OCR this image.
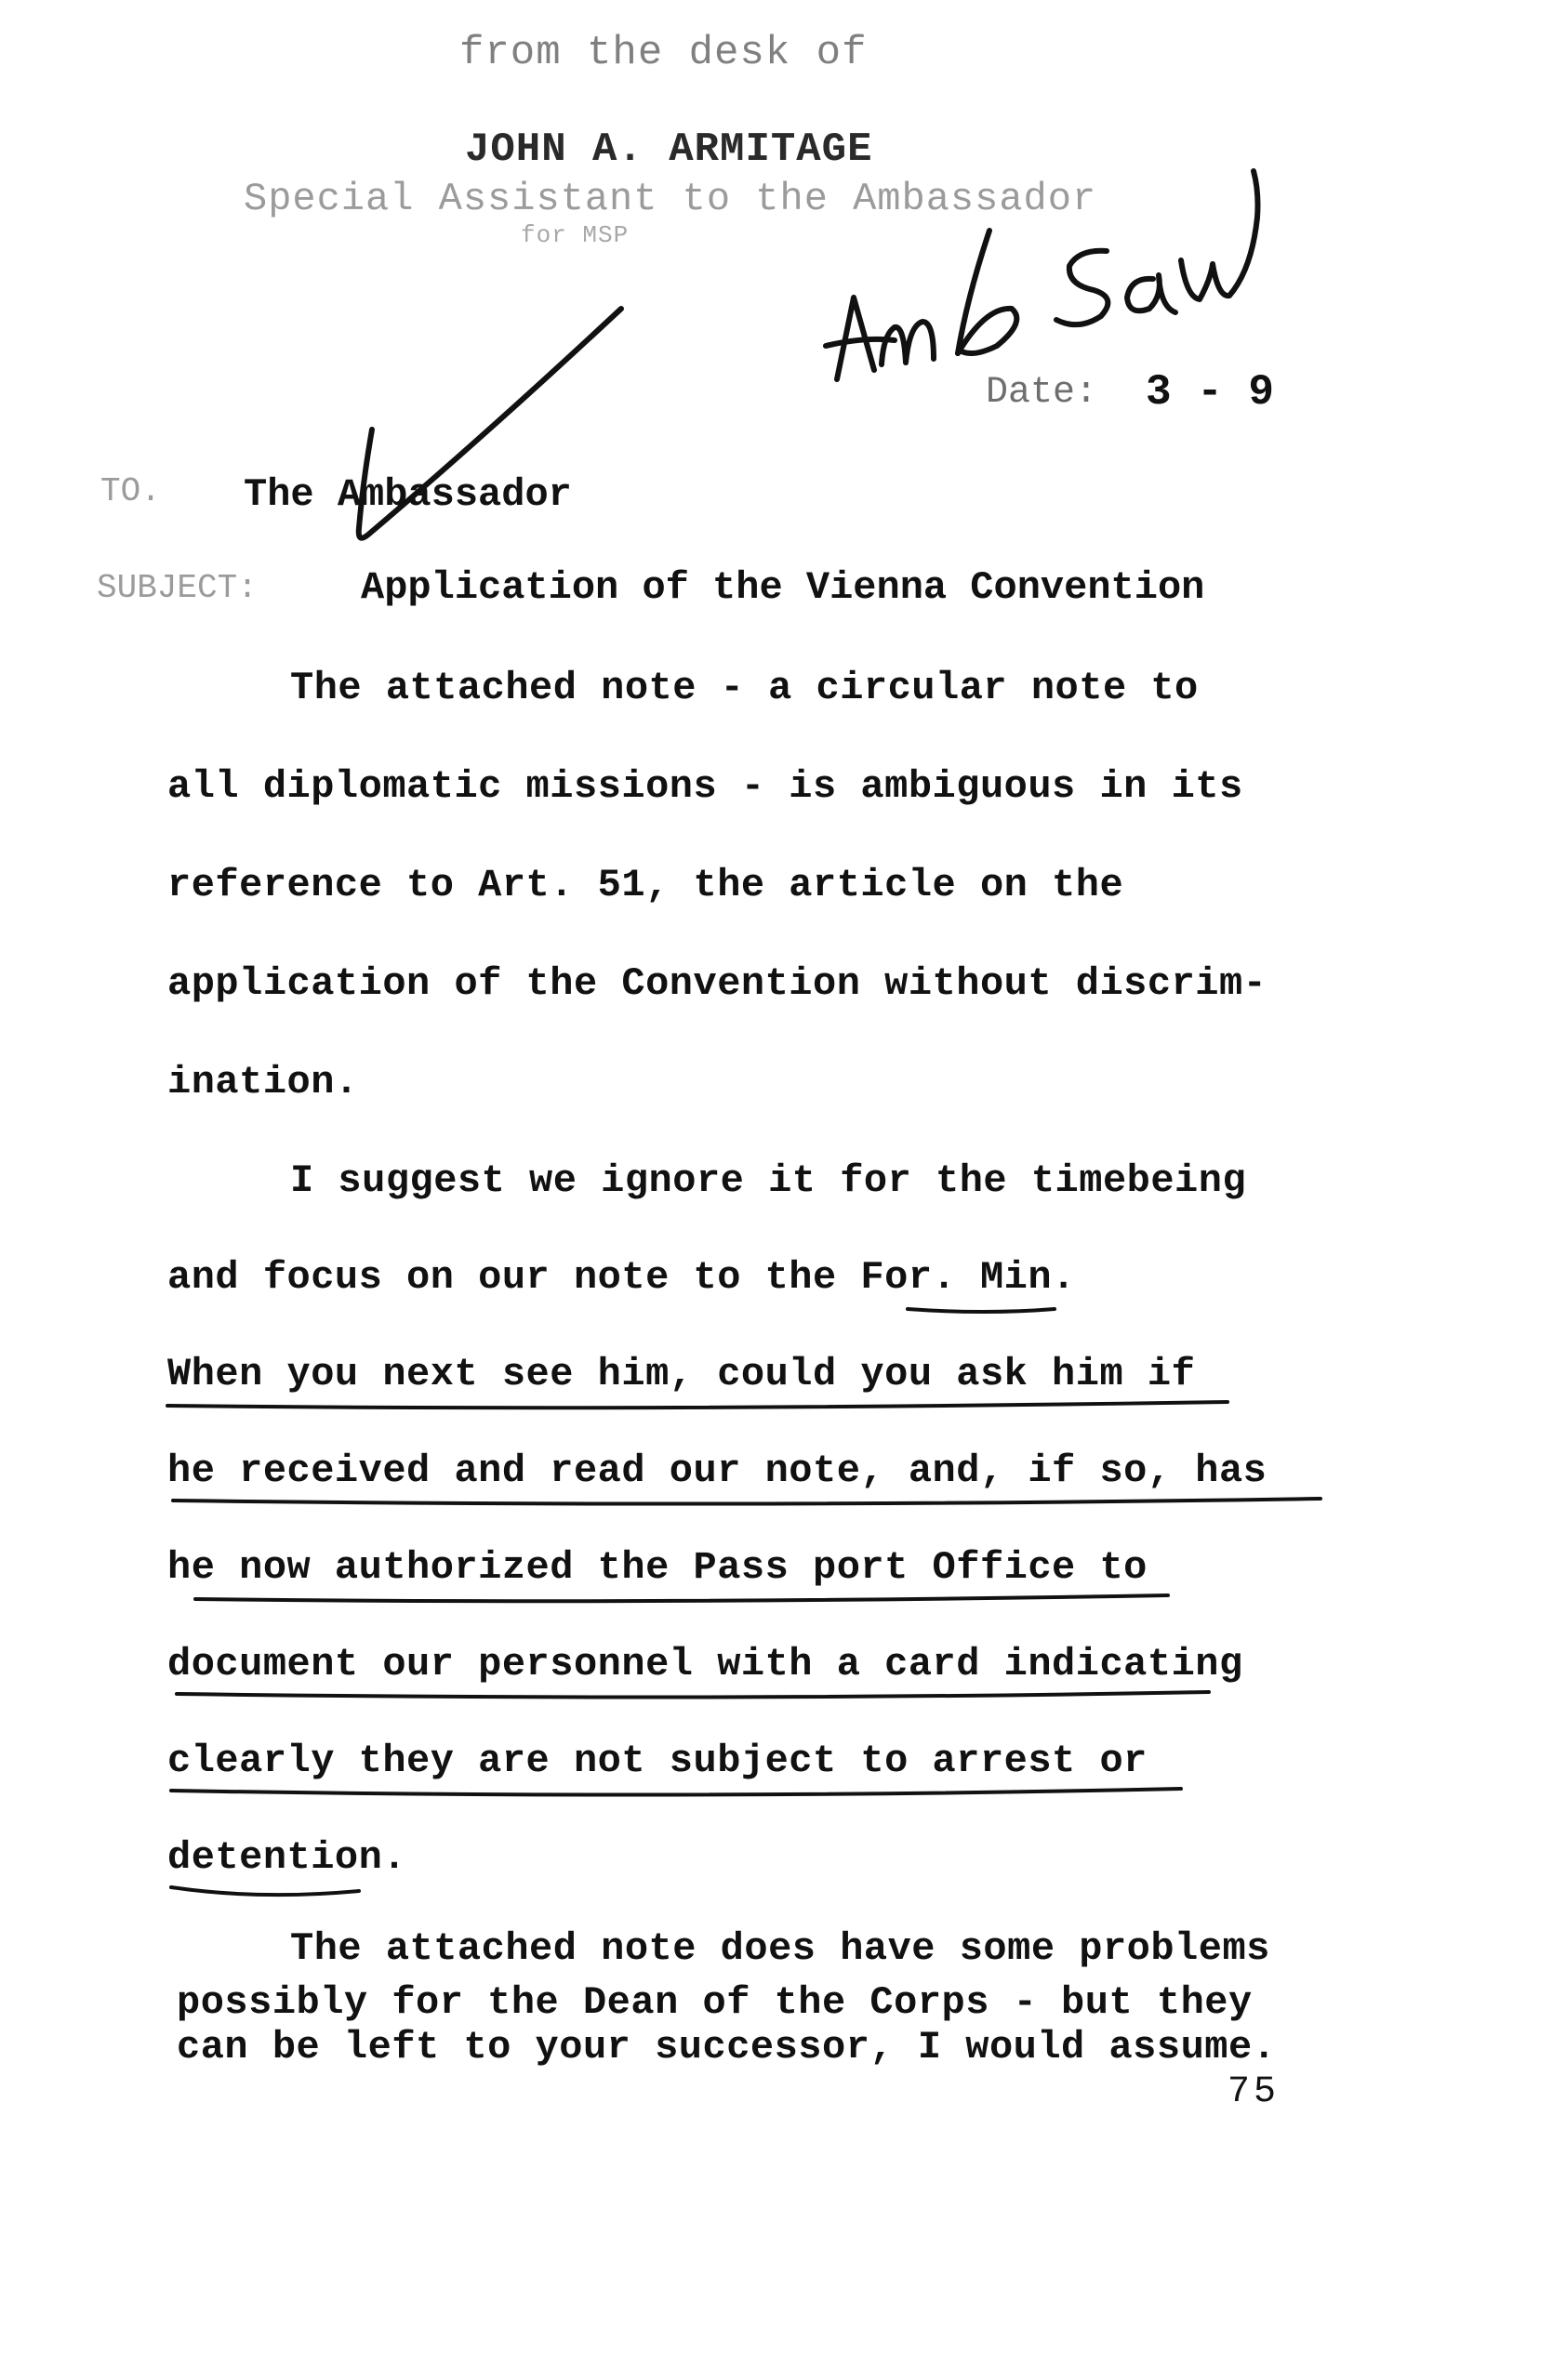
from the desk of
JOHN A. ARMITAGE
Special Assistant to the Ambassador
for MSP
Date: 3 - 9
TO. The Ambassador
SUBJECT:	Application of the Vienna Convention
The attached note - a circular note to
all diplomatic missions - is ambiguous in its
reference to Art. 51, the article on the
application of the Convention without discrim-
ination.
I suggest we ignore it for the timebeing
and focus on our note to the For. Min.
When you next see him, could you ask him if
he received and read our note, and, if so, has
he now authorized the Pass port Office to
document our personnel with a card indicating
clearly they are not subject to arrest or
detention.
The attached note does have some problems
possibly for the Dean of the Corps - but they
can be left to your successor, I would assume.
75
